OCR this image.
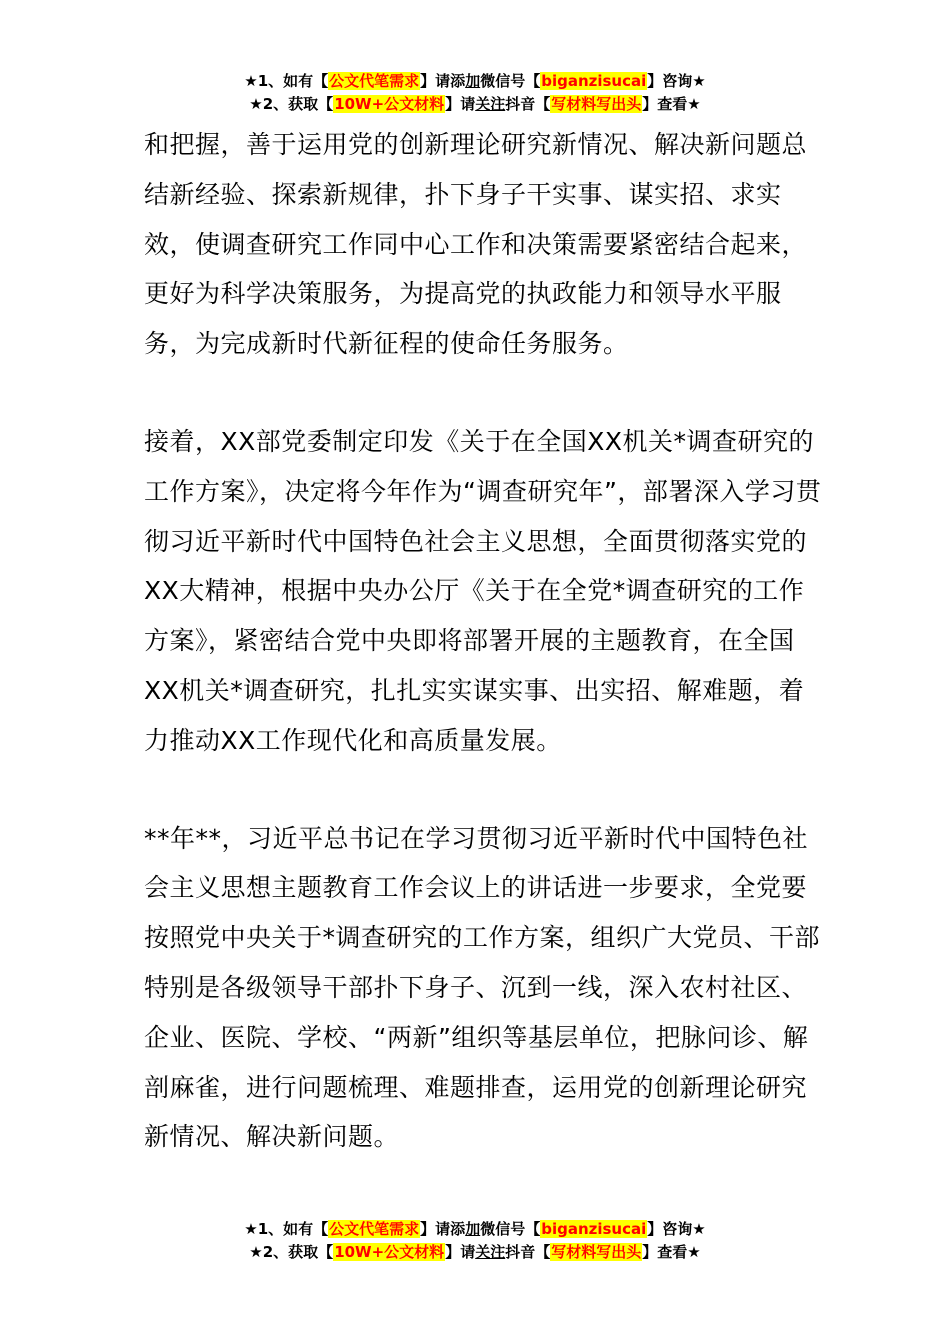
★1、如有【公文代笔需求】请添加微信号【biganzisucai】咨询★
★2、获取【10W+公文材料】请关注抖音【写材料写出头】查看★

和把握，善于运用党的创新理论研究新情况、解决新问题总结新经验、探索新规律，扑下身子干实事、谋实招、求实效，使调查研究工作同中心工作和决策需要紧密结合起来，更好为科学决策服务，为提高党的执政能力和领导水平服务，为完成新时代新征程的使命任务服务。

接着，XX部党委制定印发《关于在全国XX机关*调查研究的工作方案》，决定将今年作为“调查研究年”，部署深入学习贯彻习近平新时代中国特色社会主义思想，全面贯彻落实党的XX大精神，根据中央办公厅《关于在全党*调查研究的工作方案》，紧密结合党中央即将部署开展的主题教育，在全国XX机关*调查研究，扎扎实实谋实事、出实招、解难题，着力推动XX工作现代化和高质量发展。

**年**，习近平总书记在学习贯彻习近平新时代中国特色社会主义思想主题教育工作会议上的讲话进一步要求，全党要按照党中央关于*调查研究的工作方案，组织广大党员、干部特别是各级领导干部扑下身子、沉到一线，深入农村社区、企业、医院、学校、“两新”组织等基层单位，把脉问诊、解剖麻雀，进行问题梳理、难题排查，运用党的创新理论研究新情况、解决新问题。

★1、如有【公文代笔需求】请添加微信号【biganzisucai】咨询★
★2、获取【10W+公文材料】请关注抖音【写材料写出头】查看★
